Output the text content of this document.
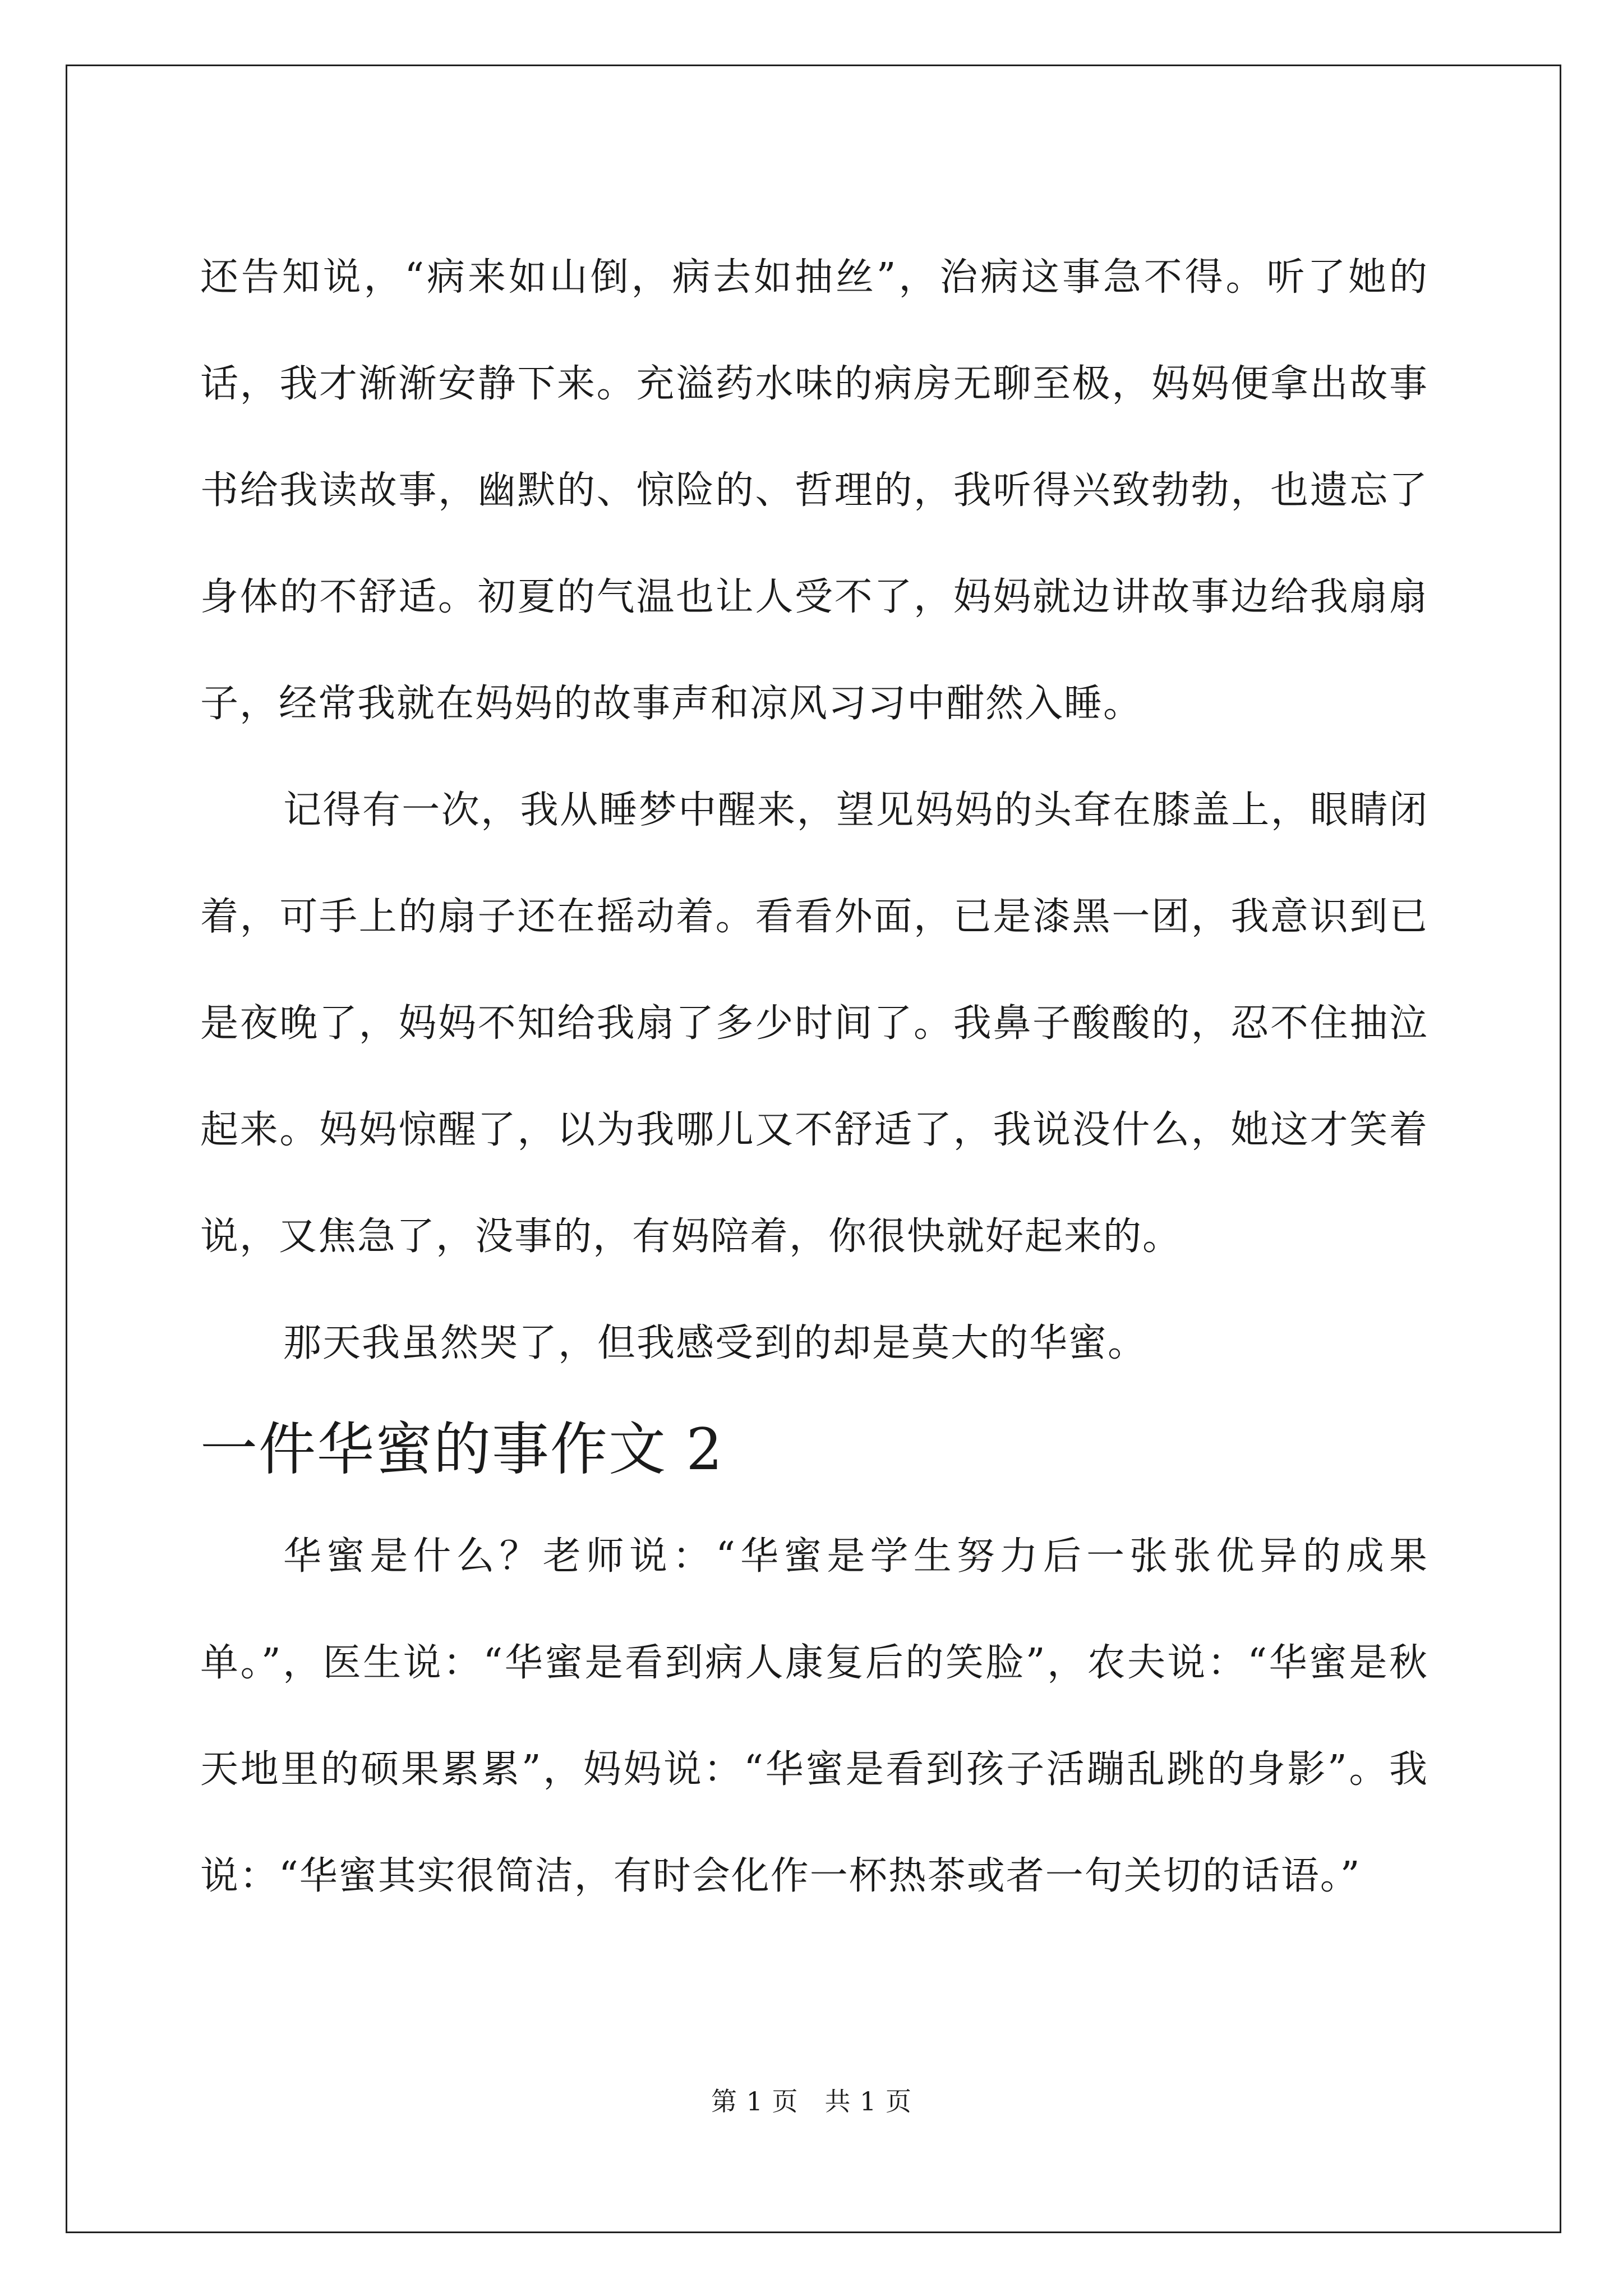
还告知说，“病来如山倒，病去如抽丝”，治病这事急不得。听了她的话，我才渐渐安静下来。充溢药水味的病房无聊至极，妈妈便拿出故事书给我读故事，幽默的、惊险的、哲理的，我听得兴致勃勃，也遗忘了身体的不舒适。初夏的气温也让人受不了，妈妈就边讲故事边给我扇扇子，经常我就在妈妈的故事声和凉风习习中酣然入睡。

记得有一次，我从睡梦中醒来，望见妈妈的头耷在膝盖上，眼睛闭着，可手上的扇子还在摇动着。看看外面，已是漆黑一团，我意识到已是夜晚了，妈妈不知给我扇了多少时间了。我鼻子酸酸的，忍不住抽泣起来。妈妈惊醒了，以为我哪儿又不舒适了，我说没什么，她这才笑着说，又焦急了，没事的，有妈陪着，你很快就好起来的。

那天我虽然哭了，但我感受到的却是莫大的华蜜。

一件华蜜的事作文 2

华蜜是什么？老师说：“华蜜是学生努力后一张张优异的成果单。”，医生说：“华蜜是看到病人康复后的笑脸”，农夫说：“华蜜是秋天地里的硕果累累”，妈妈说：“华蜜是看到孩子活蹦乱跳的身影”。我说：“华蜜其实很简洁，有时会化作一杯热茶或者一句关切的话语。”

第 1 页 共 1 页
